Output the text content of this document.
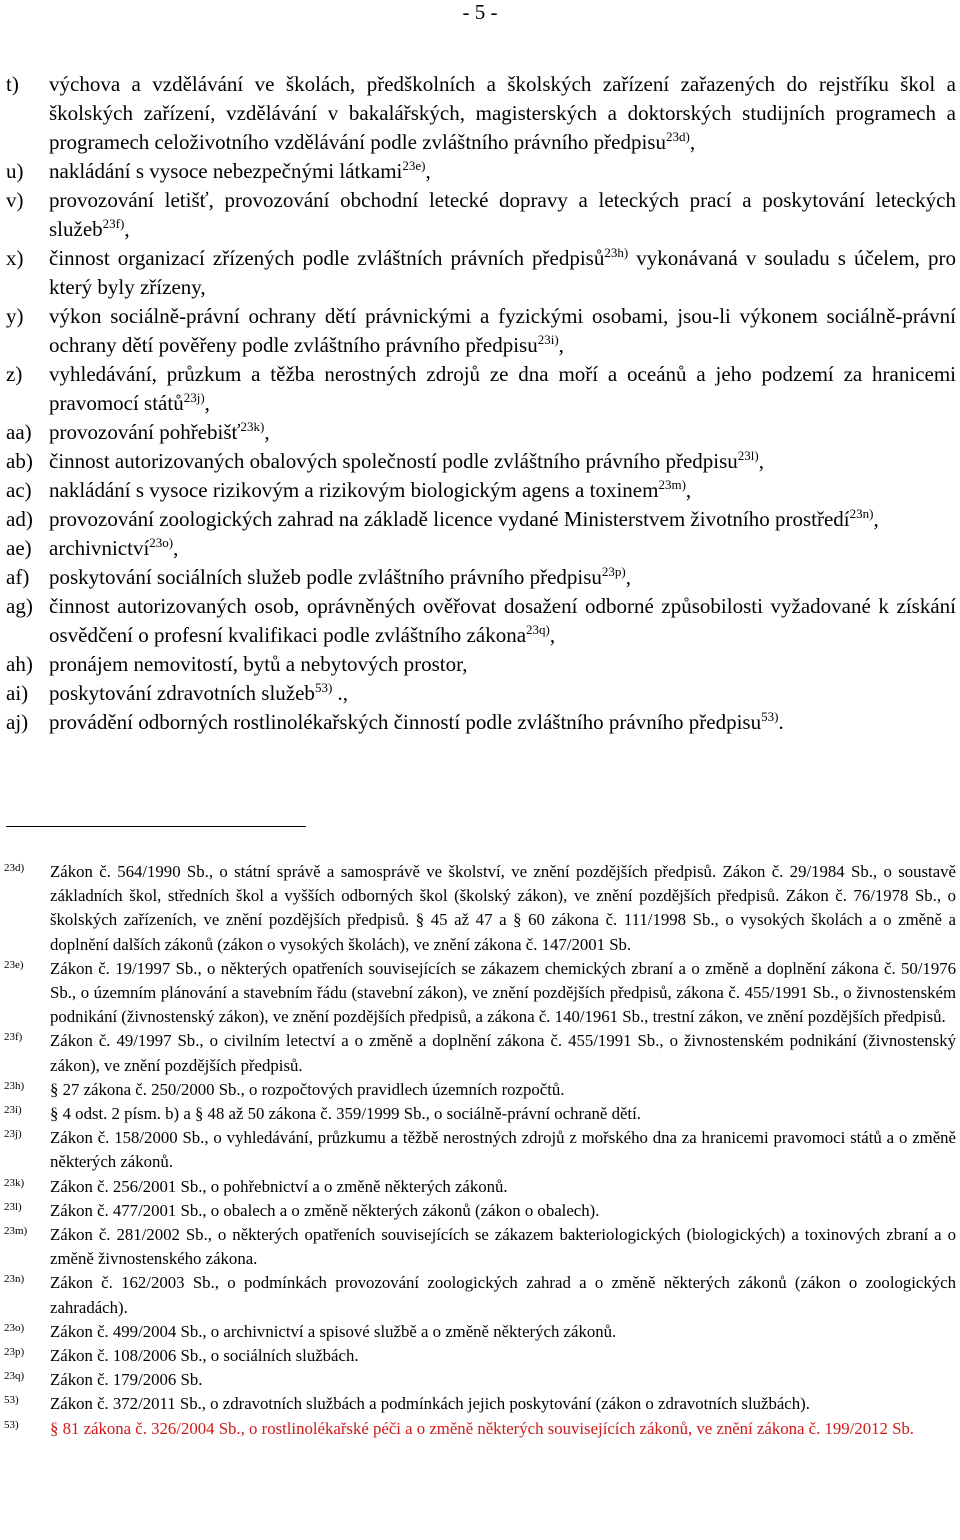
- 5 -
t)	výchova a vzdělávání ve školách, předškolních a školských zařízení zařazených do rejstříku škol a školských zařízení, vzdělávání v bakalářských, magisterských a doktorských studijních programech a programech celoživotního vzdělávání podle zvláštního právního předpisu$^{23d)}$,
u)	nakládání s vysoce nebezpečnými látkami$^{23e)}$,
v)	provozování letišť, provozování obchodní letecké dopravy a leteckých prací a poskytování leteckých služeb$^{23f)}$,
x)	činnost organizací zřízených podle zvláštních právních předpisů$^{23h)}$ vykonávaná v souladu s účelem, pro který byly zřízeny,
y)	výkon sociálně-právní ochrany dětí právnickými a fyzickými osobami, jsou-li výkonem sociálně-právní ochrany dětí pověřeny podle zvláštního právního předpisu$^{23i)}$,
z)	vyhledávání, průzkum a těžba nerostných zdrojů ze dna moří a oceánů a jeho podzemí za hranicemi pravomocí států$^{23j)}$,
aa) provozování pohřebišť$^{23k)}$,
ab) činnost autorizovaných obalových společností podle zvláštního právního předpisu$^{23l)}$,
ac) nakládání s vysoce rizikovým a rizikovým biologickým agens a toxinem$^{23m)}$,
ad) provozování zoologických zahrad na základě licence vydané Ministerstvem životního prostředí$^{23n)}$,
ae) archivnictví$^{23o)}$,
af) poskytování sociálních služeb podle zvláštního právního předpisu$^{23p)}$,
ag) činnost autorizovaných osob, oprávněných ověřovat dosažení odborné způsobilosti vyžadované k získání osvědčení o profesní kvalifikaci podle zvláštního zákona$^{23q)}$,
ah) pronájem nemovitostí, bytů a nebytových prostor,
ai) poskytování zdravotních služeb$^{53)}$ .,
aj) provádění odborných rostlinolékařských činností podle zvláštního právního předpisu$^{53)}$.
23d)	Zákon č. 564/1990 Sb., o státní správě a samosprávě ve školství, ve znění pozdějších předpisů. Zákon č. 29/1984 Sb., o soustavě základních škol, středních škol a vyšších odborných škol (školský zákon), ve znění pozdějších předpisů. Zákon č. 76/1978 Sb., o školských zařízeních, ve znění pozdějších předpisů. § 45 až 47 a § 60 zákona č. 111/1998 Sb., o vysokých školách a o změně a doplnění dalších zákonů (zákon o vysokých školách), ve znění zákona č. 147/2001 Sb.
23e)	Zákon č. 19/1997 Sb., o některých opatřeních souvisejících se zákazem chemických zbraní a o změně a doplnění zákona č. 50/1976 Sb., o územním plánování a stavebním řádu (stavební zákon), ve znění pozdějších předpisů, zákona č. 455/1991 Sb., o živnostenském podnikání (živnostenský zákon), ve znění pozdějších předpisů, a zákona č. 140/1961 Sb., trestní zákon, ve znění pozdějších předpisů.
23f)	Zákon č. 49/1997 Sb., o civilním letectví a o změně a doplnění zákona č. 455/1991 Sb., o živnostenském podnikání (živnostenský zákon), ve znění pozdějších předpisů.
23h)	§ 27 zákona č. 250/2000 Sb., o rozpočtových pravidlech územních rozpočtů.
23i)	§ 4 odst. 2 písm. b) a § 48 až 50 zákona č. 359/1999 Sb., o sociálně-právní ochraně dětí.
23j)	Zákon č. 158/2000 Sb., o vyhledávání, průzkumu a těžbě nerostných zdrojů z mořského dna za hranicemi pravomoci států a o změně některých zákonů.
23k)	Zákon č. 256/2001 Sb., o pohřebnictví a o změně některých zákonů.
23l)	Zákon č. 477/2001 Sb., o obalech a o změně některých zákonů (zákon o obalech).
23m)	Zákon č. 281/2002 Sb., o některých opatřeních souvisejících se zákazem bakteriologických (biologických) a toxinových zbraní a o změně živnostenského zákona.
23n)	Zákon č. 162/2003 Sb., o podmínkách provozování zoologických zahrad a o změně některých zákonů (zákon o zoologických zahradách).
23o)	Zákon č. 499/2004 Sb., o archivnictví a spisové službě a o změně některých zákonů.
23p)	Zákon č. 108/2006 Sb., o sociálních službách.
23q)	Zákon č. 179/2006 Sb.
53)	Zákon č. 372/2011 Sb., o zdravotních službách a podmínkách jejich poskytování (zákon o zdravotních službách).
53)	§ 81 zákona č. 326/2004 Sb., o rostlinolékařské péči a o změně některých souvisejících zákonů, ve znění zákona č. 199/2012 Sb.
